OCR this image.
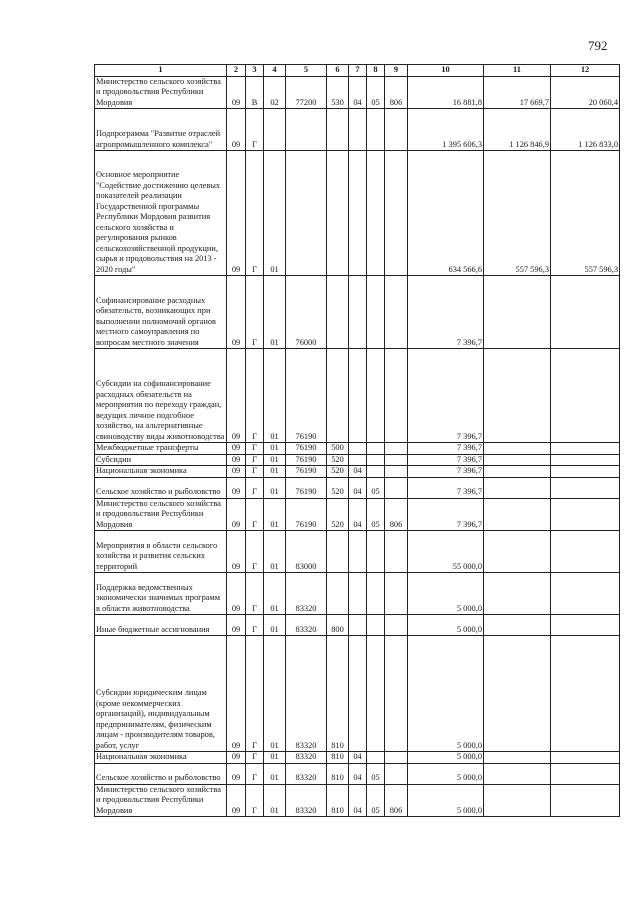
792
1	2	3	4	5	6	7	8	9	10	11	12
Министерство сельского хозяйства и продовольствия Республики Мордовия	09	В	02	77200	530	04	05	806	16 881,8	17 669,7	20 060,4
Подпрограмма "Развитие отраслей агропромышленного комплекса"	09	Г							1 395 606,3	1 126 846,9	1 126 833,0
Основное мероприятие "Содействие достижению целевых показателей реализации Государственной программы Республики Мордовия развития сельского хозяйства и регулирования рынков сельскохозяйственной продукции, сырья и продовольствия на 2013 - 2020 годы"	09	Г	01						634 566,6	557 596,3	557 596,3
Софинансирование расходных обязательств, возникающих при выполнении полномочий органов местного самоуправления по вопросам местного значения	09	Г	01	76000					7 396,7		
Субсидии на софинансирование расходных обязательств на мероприятия по переходу граждан, ведущих личное подсобное хозяйство, на альтернативные свиноводству виды животноводства	09	Г	01	76190					7 396,7		
Межбюджетные трансферты	09	Г	01	76190	500				7 396,7		
Субсидии	09	Г	01	76190	520				7 396,7		
Национальная экономика	09	Г	01	76190	520	04			7 396,7		
Сельское хозяйство и рыболовство	09	Г	01	76190	520	04	05		7 396,7		
Министерство сельского хозяйства и продовольствия Республики Мордовия	09	Г	01	76190	520	04	05	806	7 396,7		
Мероприятия в области сельского хозяйства и развития сельских территорий	09	Г	01	83000					55 000,0		
Поддержка ведомственных экономически значимых программ в области животноводства	09	Г	01	83320					5 000,0		
Иные бюджетные ассигнования	09	Г	01	83320	800				5 000,0		
Субсидии юридическим лицам (кроме некоммерческих организаций), индивидуальным предпринимателям, физическим лицам - производителям товаров, работ, услуг	09	Г	01	83320	810				5 000,0		
Национальная экономика	09	Г	01	83320	810	04			5 000,0		
Сельское хозяйство и рыболовство	09	Г	01	83320	810	04	05		5 000,0		
Министерство сельского хозяйства и продовольствия Республики Мордовия	09	Г	01	83320	810	04	05	806	5 000,0		
